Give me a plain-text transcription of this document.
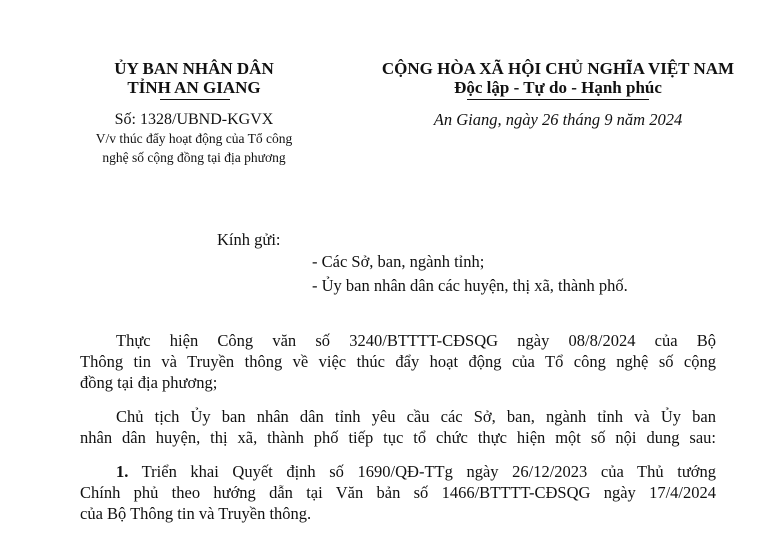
ỦY BAN NHÂN DÂN
TỈNH AN GIANG
Số: 1328/UBND-KGVX
V/v thúc đẩy hoạt động của Tổ công
nghệ số cộng đồng tại địa phương
CỘNG HÒA XÃ HỘI CHỦ NGHĨA VIỆT NAM
Độc lập - Tự do - Hạnh phúc
An Giang, ngày 26 tháng 9 năm 2024
Kính gửi:
- Các Sở, ban, ngành tỉnh;
- Ủy ban nhân dân các huyện, thị xã, thành phố.
Thực hiện Công văn số 3240/BTTTT-CĐSQG ngày 08/8/2024 của Bộ
Thông tin và Truyền thông về việc thúc đẩy hoạt động của Tổ công nghệ số cộng
đồng tại địa phương;
Chủ tịch Ủy ban nhân dân tỉnh yêu cầu các Sở, ban, ngành tỉnh và Ủy ban
nhân dân huyện, thị xã, thành phố tiếp tục tổ chức thực hiện một số nội dung sau:
1. Triển khai Quyết định số 1690/QĐ-TTg ngày 26/12/2023 của Thủ tướng
Chính phủ theo hướng dẫn tại Văn bản số 1466/BTTTT-CĐSQG ngày 17/4/2024
của Bộ Thông tin và Truyền thông.
